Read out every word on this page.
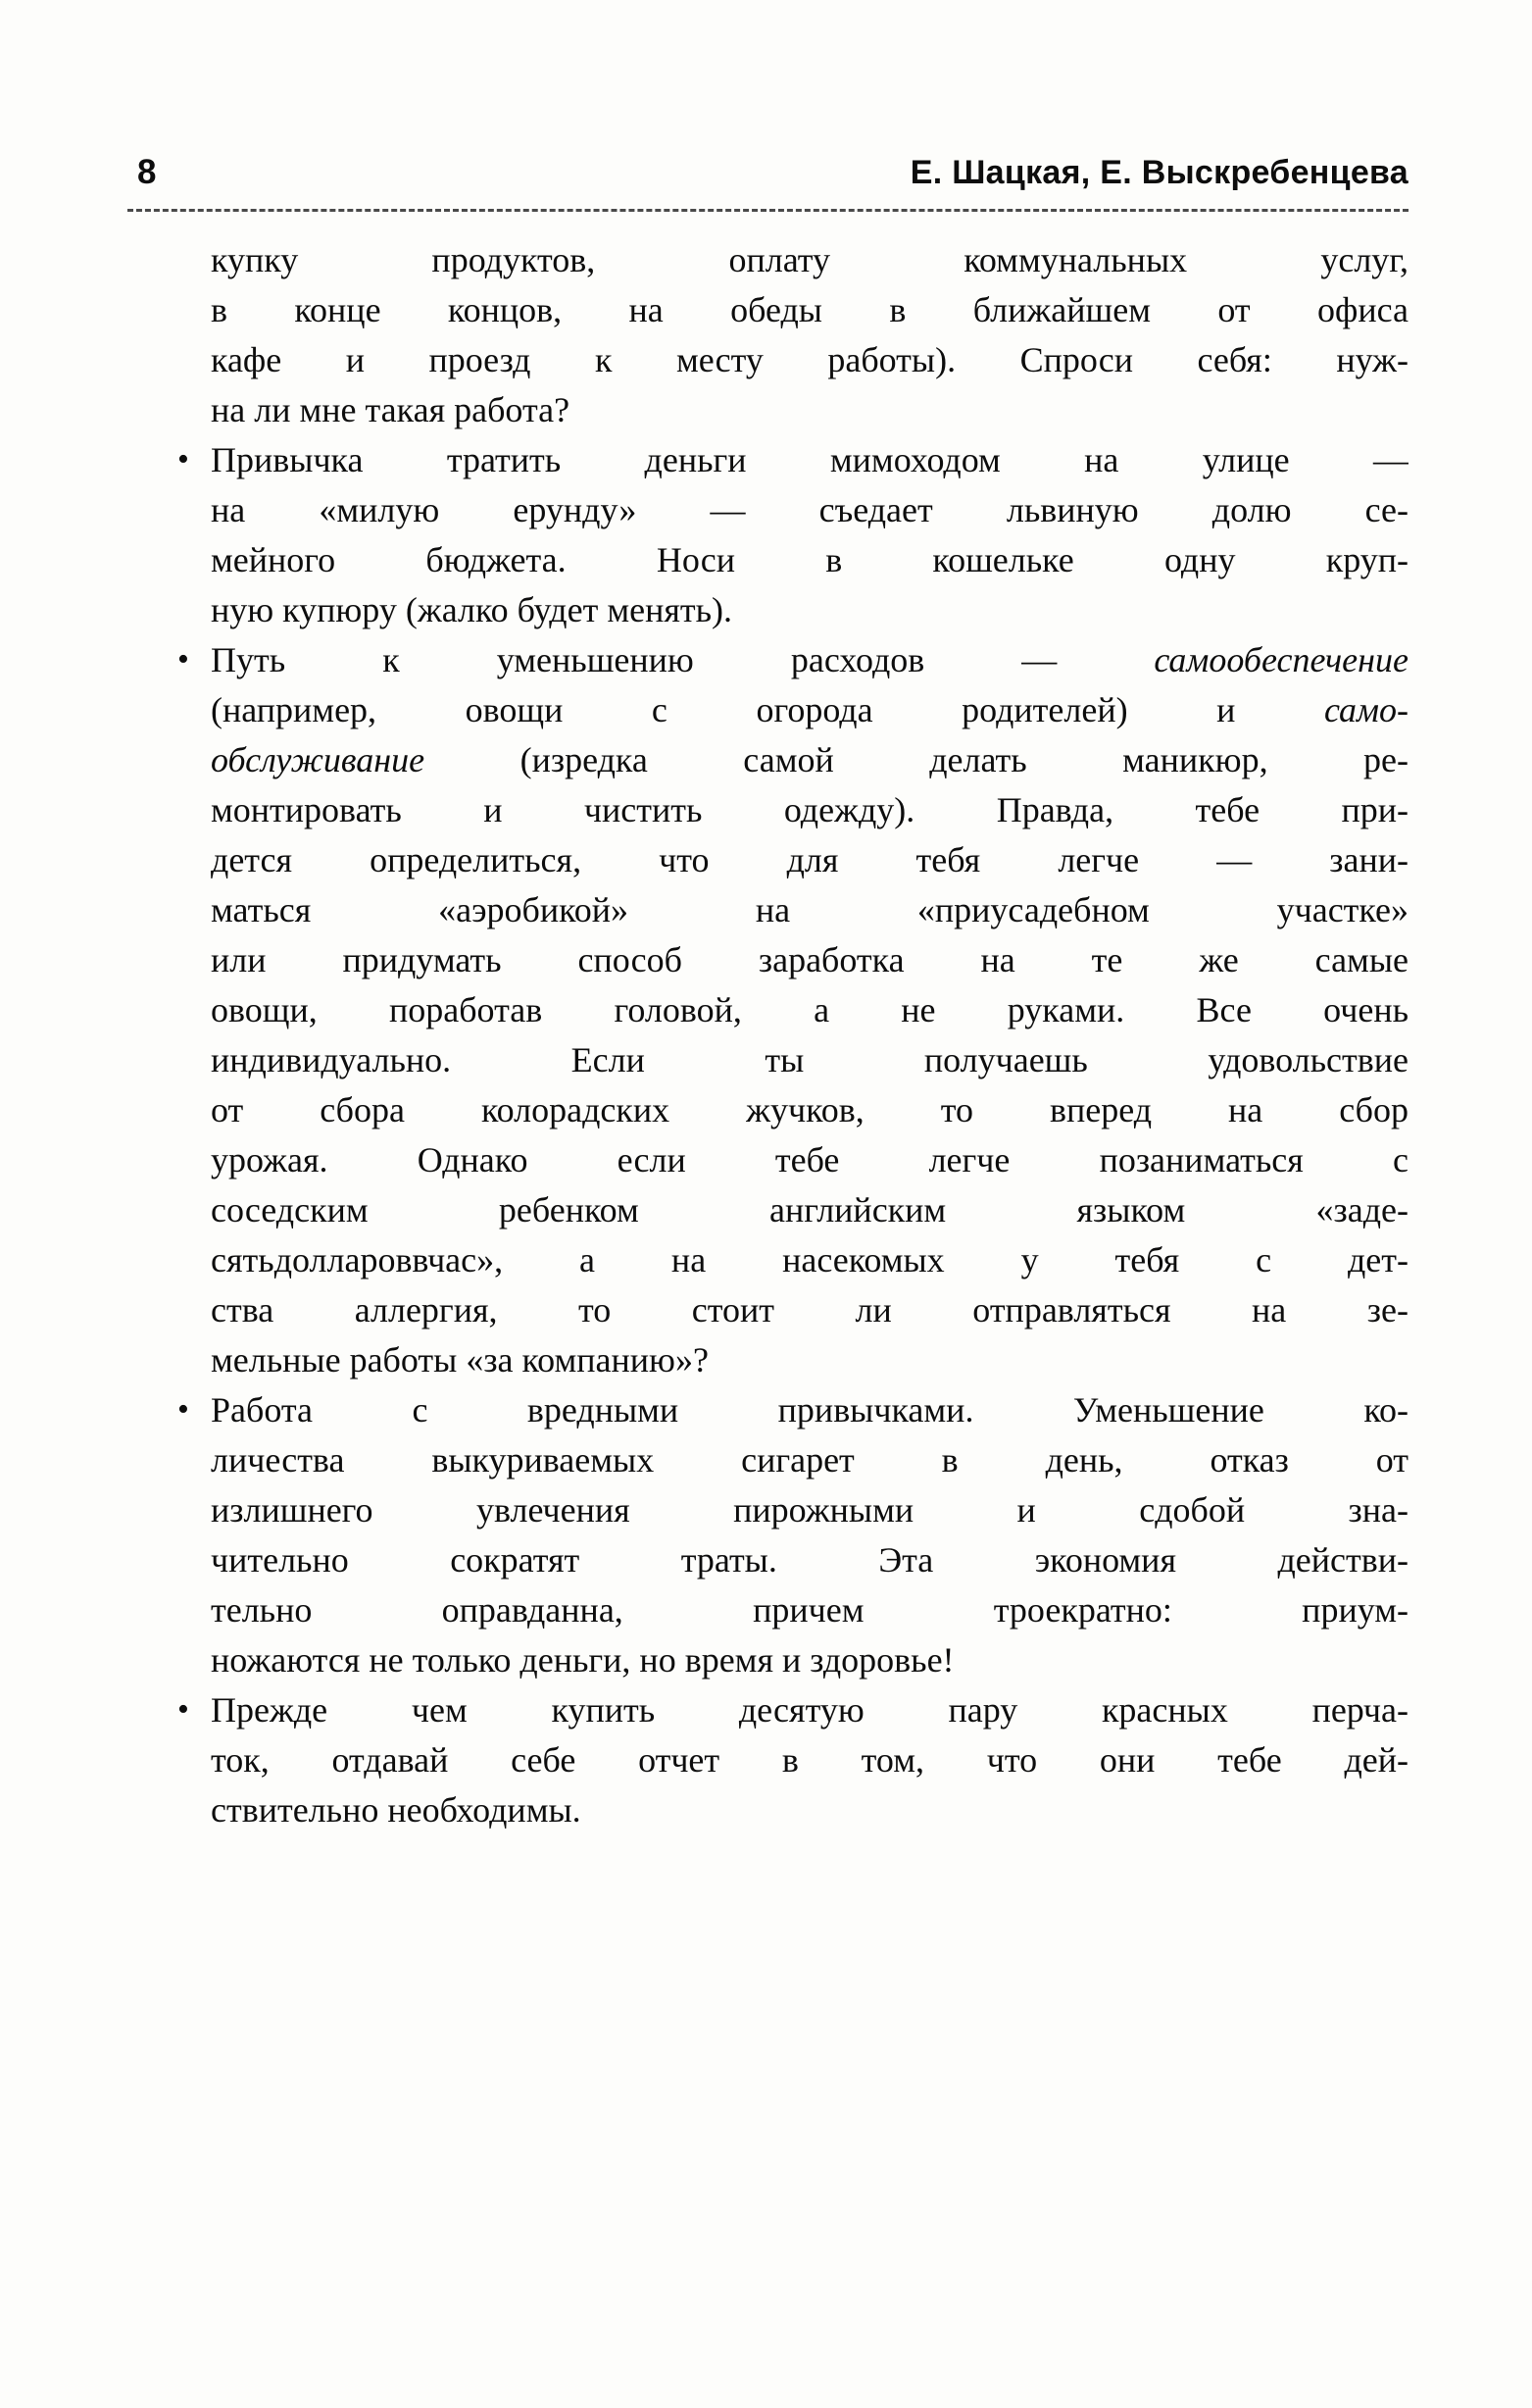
8	Е. Шацкая, Е. Выскребенцева
купку продуктов, оплату коммунальных услуг,
в конце концов, на обеды в ближайшем от офиса
кафе и проезд к месту работы). Спроси себя: нуж-
на ли мне такая работа?
• Привычка тратить деньги мимоходом на улице —
на «милую ерунду» — съедает львиную долю се-
мейного бюджета. Носи в кошельке одну круп-
ную купюру (жалко будет менять).
• Путь к уменьшению расходов — самообеспечение
(например, овощи с огорода родителей) и само-
обслуживание (изредка самой делать маникюр, ре-
монтировать и чистить одежду). Правда, тебе при-
дется определиться, что для тебя легче — зани-
маться «аэробикой» на «приусадебном участке»
или придумать способ заработка на те же самые
овощи, поработав головой, а не руками. Все очень
индивидуально. Если ты получаешь удовольствие
от сбора колорадских жучков, то вперед на сбор
урожая. Однако если тебе легче позаниматься с
соседским ребенком английским языком «заде-
сятьдоллароввчас», а на насекомых у тебя с дет-
ства аллергия, то стоит ли отправляться на зе-
мельные работы «за компанию»?
• Работа с вредными привычками. Уменьшение ко-
личества выкуриваемых сигарет в день, отказ от
излишнего увлечения пирожными и сдобой зна-
чительно сократят траты. Эта экономия действи-
тельно оправданна, причем троекратно: приум-
ножаются не только деньги, но время и здоровье!
• Прежде чем купить десятую пару красных перча-
ток, отдавай себе отчет в том, что они тебе дей-
ствительно необходимы.
